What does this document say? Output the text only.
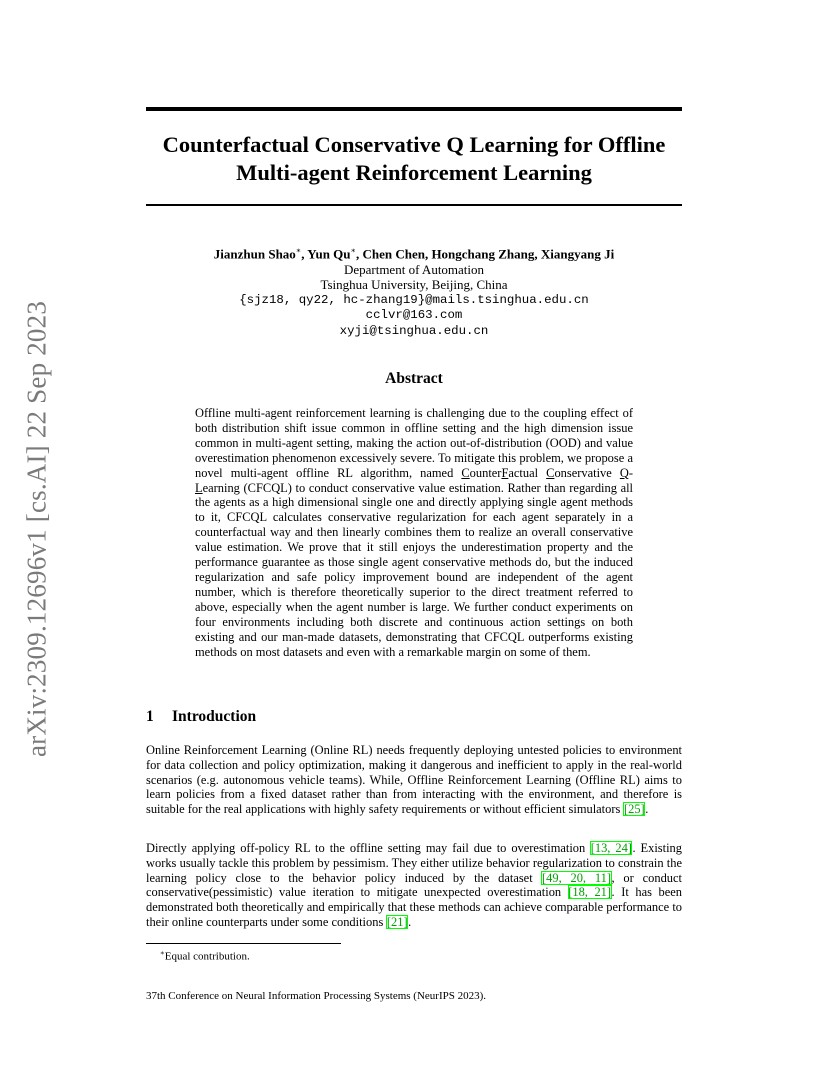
arXiv:2309.12696v1 [cs.AI] 22 Sep 2023
Counterfactual Conservative Q Learning for Offline
Multi-agent Reinforcement Learning
Jianzhun Shao∗, Yun Qu∗, Chen Chen, Hongchang Zhang, Xiangyang Ji
Department of Automation
Tsinghua University, Beijing, China
{sjz18, qy22, hc-zhang19}@mails.tsinghua.edu.cn
cclvr@163.com
xyji@tsinghua.edu.cn
Abstract
Offline multi-agent reinforcement learning is challenging due to the coupling effect of both distribution shift issue common in offline setting and the high dimension issue common in multi-agent setting, making the action out-of-distribution (OOD) and value overestimation phenomenon excessively severe. To mitigate this problem, we propose a novel multi-agent offline RL algorithm, named CounterFactual Conservative Q-Learning (CFCQL) to conduct conservative value estimation. Rather than regarding all the agents as a high dimensional single one and directly applying single agent methods to it, CFCQL calculates conservative regularization for each agent separately in a counterfactual way and then linearly combines them to realize an overall conservative value estimation. We prove that it still enjoys the underestimation property and the performance guarantee as those single agent conservative methods do, but the induced regularization and safe policy improvement bound are independent of the agent number, which is therefore theoretically superior to the direct treatment referred to above, especially when the agent number is large. We further conduct experiments on four environments including both discrete and continuous action settings on both existing and our man-made datasets, demonstrating that CFCQL outperforms existing methods on most datasets and even with a remarkable margin on some of them.
1 Introduction
Online Reinforcement Learning (Online RL) needs frequently deploying untested policies to environment for data collection and policy optimization, making it dangerous and inefficient to apply in the real-world scenarios (e.g. autonomous vehicle teams). While, Offline Reinforcement Learning (Offline RL) aims to learn policies from a fixed dataset rather than from interacting with the environment, and therefore is suitable for the real applications with highly safety requirements or without efficient simulators [25].
Directly applying off-policy RL to the offline setting may fail due to overestimation [13, 24]. Existing works usually tackle this problem by pessimism. They either utilize behavior regularization to constrain the learning policy close to the behavior policy induced by the dataset [49, 20, 11], or conduct conservative(pessimistic) value iteration to mitigate unexpected overestimation [18, 21]. It has been demonstrated both theoretically and empirically that these methods can achieve comparable performance to their online counterparts under some conditions [21].
∗Equal contribution.
37th Conference on Neural Information Processing Systems (NeurIPS 2023).
